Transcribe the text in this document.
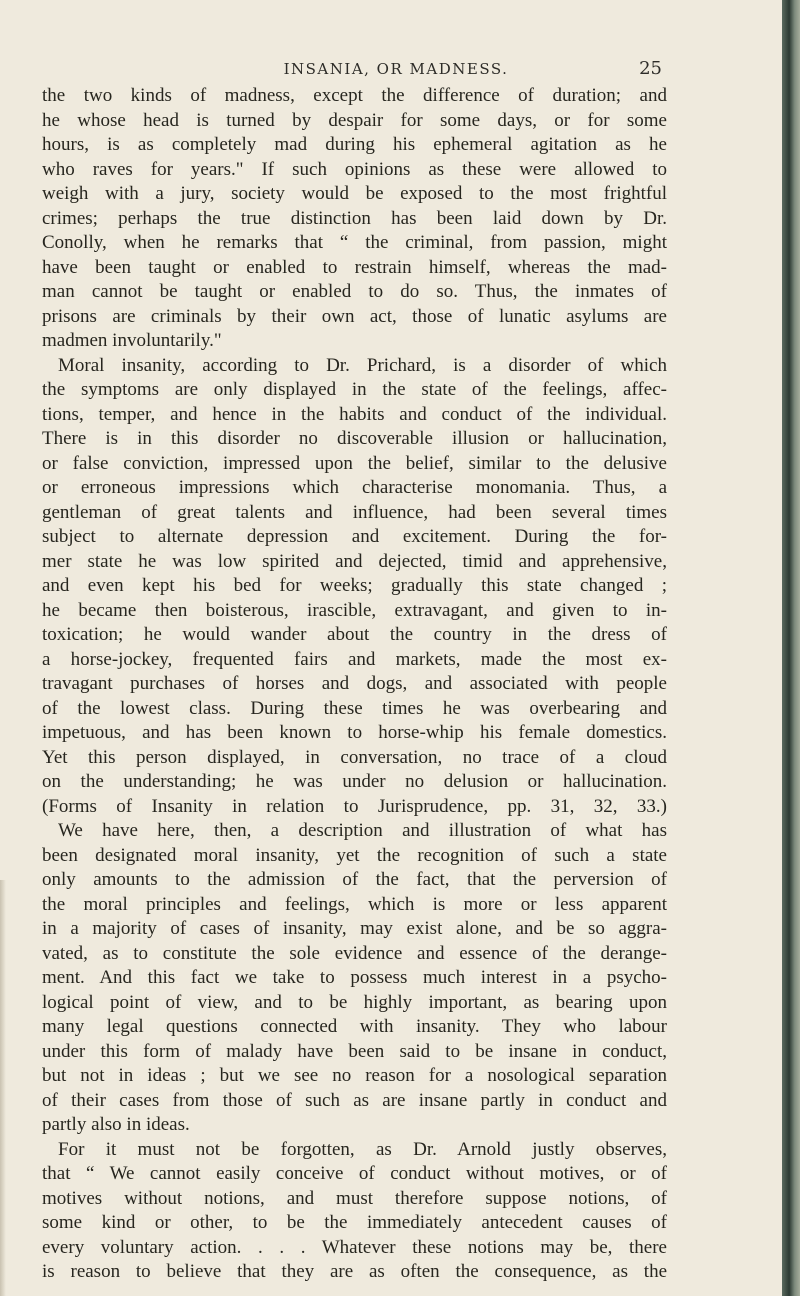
INSANIA, OR MADNESS.	25
the two kinds of madness, except the difference of duration; and
he whose head is turned by despair for some days, or for some
hours, is as completely mad during his ephemeral agitation as he
who raves for years." If such opinions as these were allowed to
weigh with a jury, society would be exposed to the most frightful
crimes; perhaps the true distinction has been laid down by Dr.
Conolly, when he remarks that “ the criminal, from passion, might
have been taught or enabled to restrain himself, whereas the mad-
man cannot be taught or enabled to do so. Thus, the inmates of
prisons are criminals by their own act, those of lunatic asylums are
madmen involuntarily."
Moral insanity, according to Dr. Prichard, is a disorder of which
the symptoms are only displayed in the state of the feelings, affec-
tions, temper, and hence in the habits and conduct of the individual.
There is in this disorder no discoverable illusion or hallucination,
or false conviction, impressed upon the belief, similar to the delusive
or erroneous impressions which characterise monomania. Thus, a
gentleman of great talents and influence, had been several times
subject to alternate depression and excitement. During the for-
mer state he was low spirited and dejected, timid and apprehensive,
and even kept his bed for weeks; gradually this state changed ;
he became then boisterous, irascible, extravagant, and given to in-
toxication; he would wander about the country in the dress of
a horse-jockey, frequented fairs and markets, made the most ex-
travagant purchases of horses and dogs, and associated with people
of the lowest class. During these times he was overbearing and
impetuous, and has been known to horse-whip his female domestics.
Yet this person displayed, in conversation, no trace of a cloud
on the understanding; he was under no delusion or hallucination.
(Forms of Insanity in relation to Jurisprudence, pp. 31, 32, 33.)
We have here, then, a description and illustration of what has
been designated moral insanity, yet the recognition of such a state
only amounts to the admission of the fact, that the perversion of
the moral principles and feelings, which is more or less apparent
in a majority of cases of insanity, may exist alone, and be so aggra-
vated, as to constitute the sole evidence and essence of the derange-
ment. And this fact we take to possess much interest in a psycho-
logical point of view, and to be highly important, as bearing upon
many legal questions connected with insanity. They who labour
under this form of malady have been said to be insane in conduct,
but not in ideas ; but we see no reason for a nosological separation
of their cases from those of such as are insane partly in conduct and
partly also in ideas.
For it must not be forgotten, as Dr. Arnold justly observes,
that “ We cannot easily conceive of conduct without motives, or of
motives without notions, and must therefore suppose notions, of
some kind or other, to be the immediately antecedent causes of
every voluntary action. . . . Whatever these notions may be, there
is reason to believe that they are as often the consequence, as the
